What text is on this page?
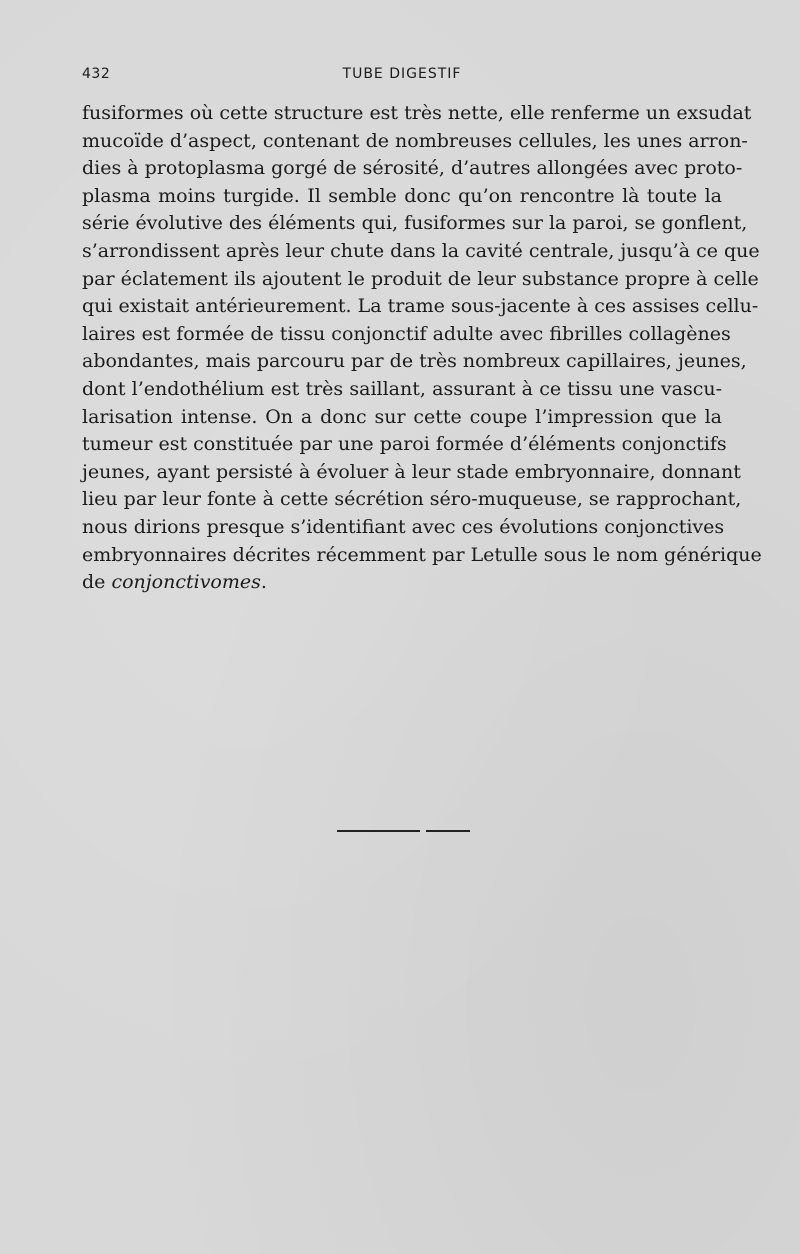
432	TUBE DIGESTIF
fusiformes où cette structure est très nette, elle renferme un exsudat
mucoïde d’aspect, contenant de nombreuses cellules, les unes arron-
dies à protoplasma gorgé de sérosité, d’autres allongées avec proto-
plasma moins turgide. Il semble donc qu’on rencontre là toute la
série évolutive des éléments qui, fusiformes sur la paroi, se gonflent,
s’arrondissent après leur chute dans la cavité centrale, jusqu’à ce que
par éclatement ils ajoutent le produit de leur substance propre à celle
qui existait antérieurement. La trame sous-jacente à ces assises cellu-
laires est formée de tissu conjonctif adulte avec fibrilles collagènes
abondantes, mais parcouru par de très nombreux capillaires, jeunes,
dont l’endothélium est très saillant, assurant à ce tissu une vascu-
larisation intense. On a donc sur cette coupe l’impression que la
tumeur est constituée par une paroi formée d’éléments conjonctifs
jeunes, ayant persisté à évoluer à leur stade embryonnaire, donnant
lieu par leur fonte à cette sécrétion séro-muqueuse, se rapprochant,
nous dirions presque s’identifiant avec ces évolutions conjonctives
embryonnaires décrites récemment par Letulle sous le nom générique
de conjonctivomes.
